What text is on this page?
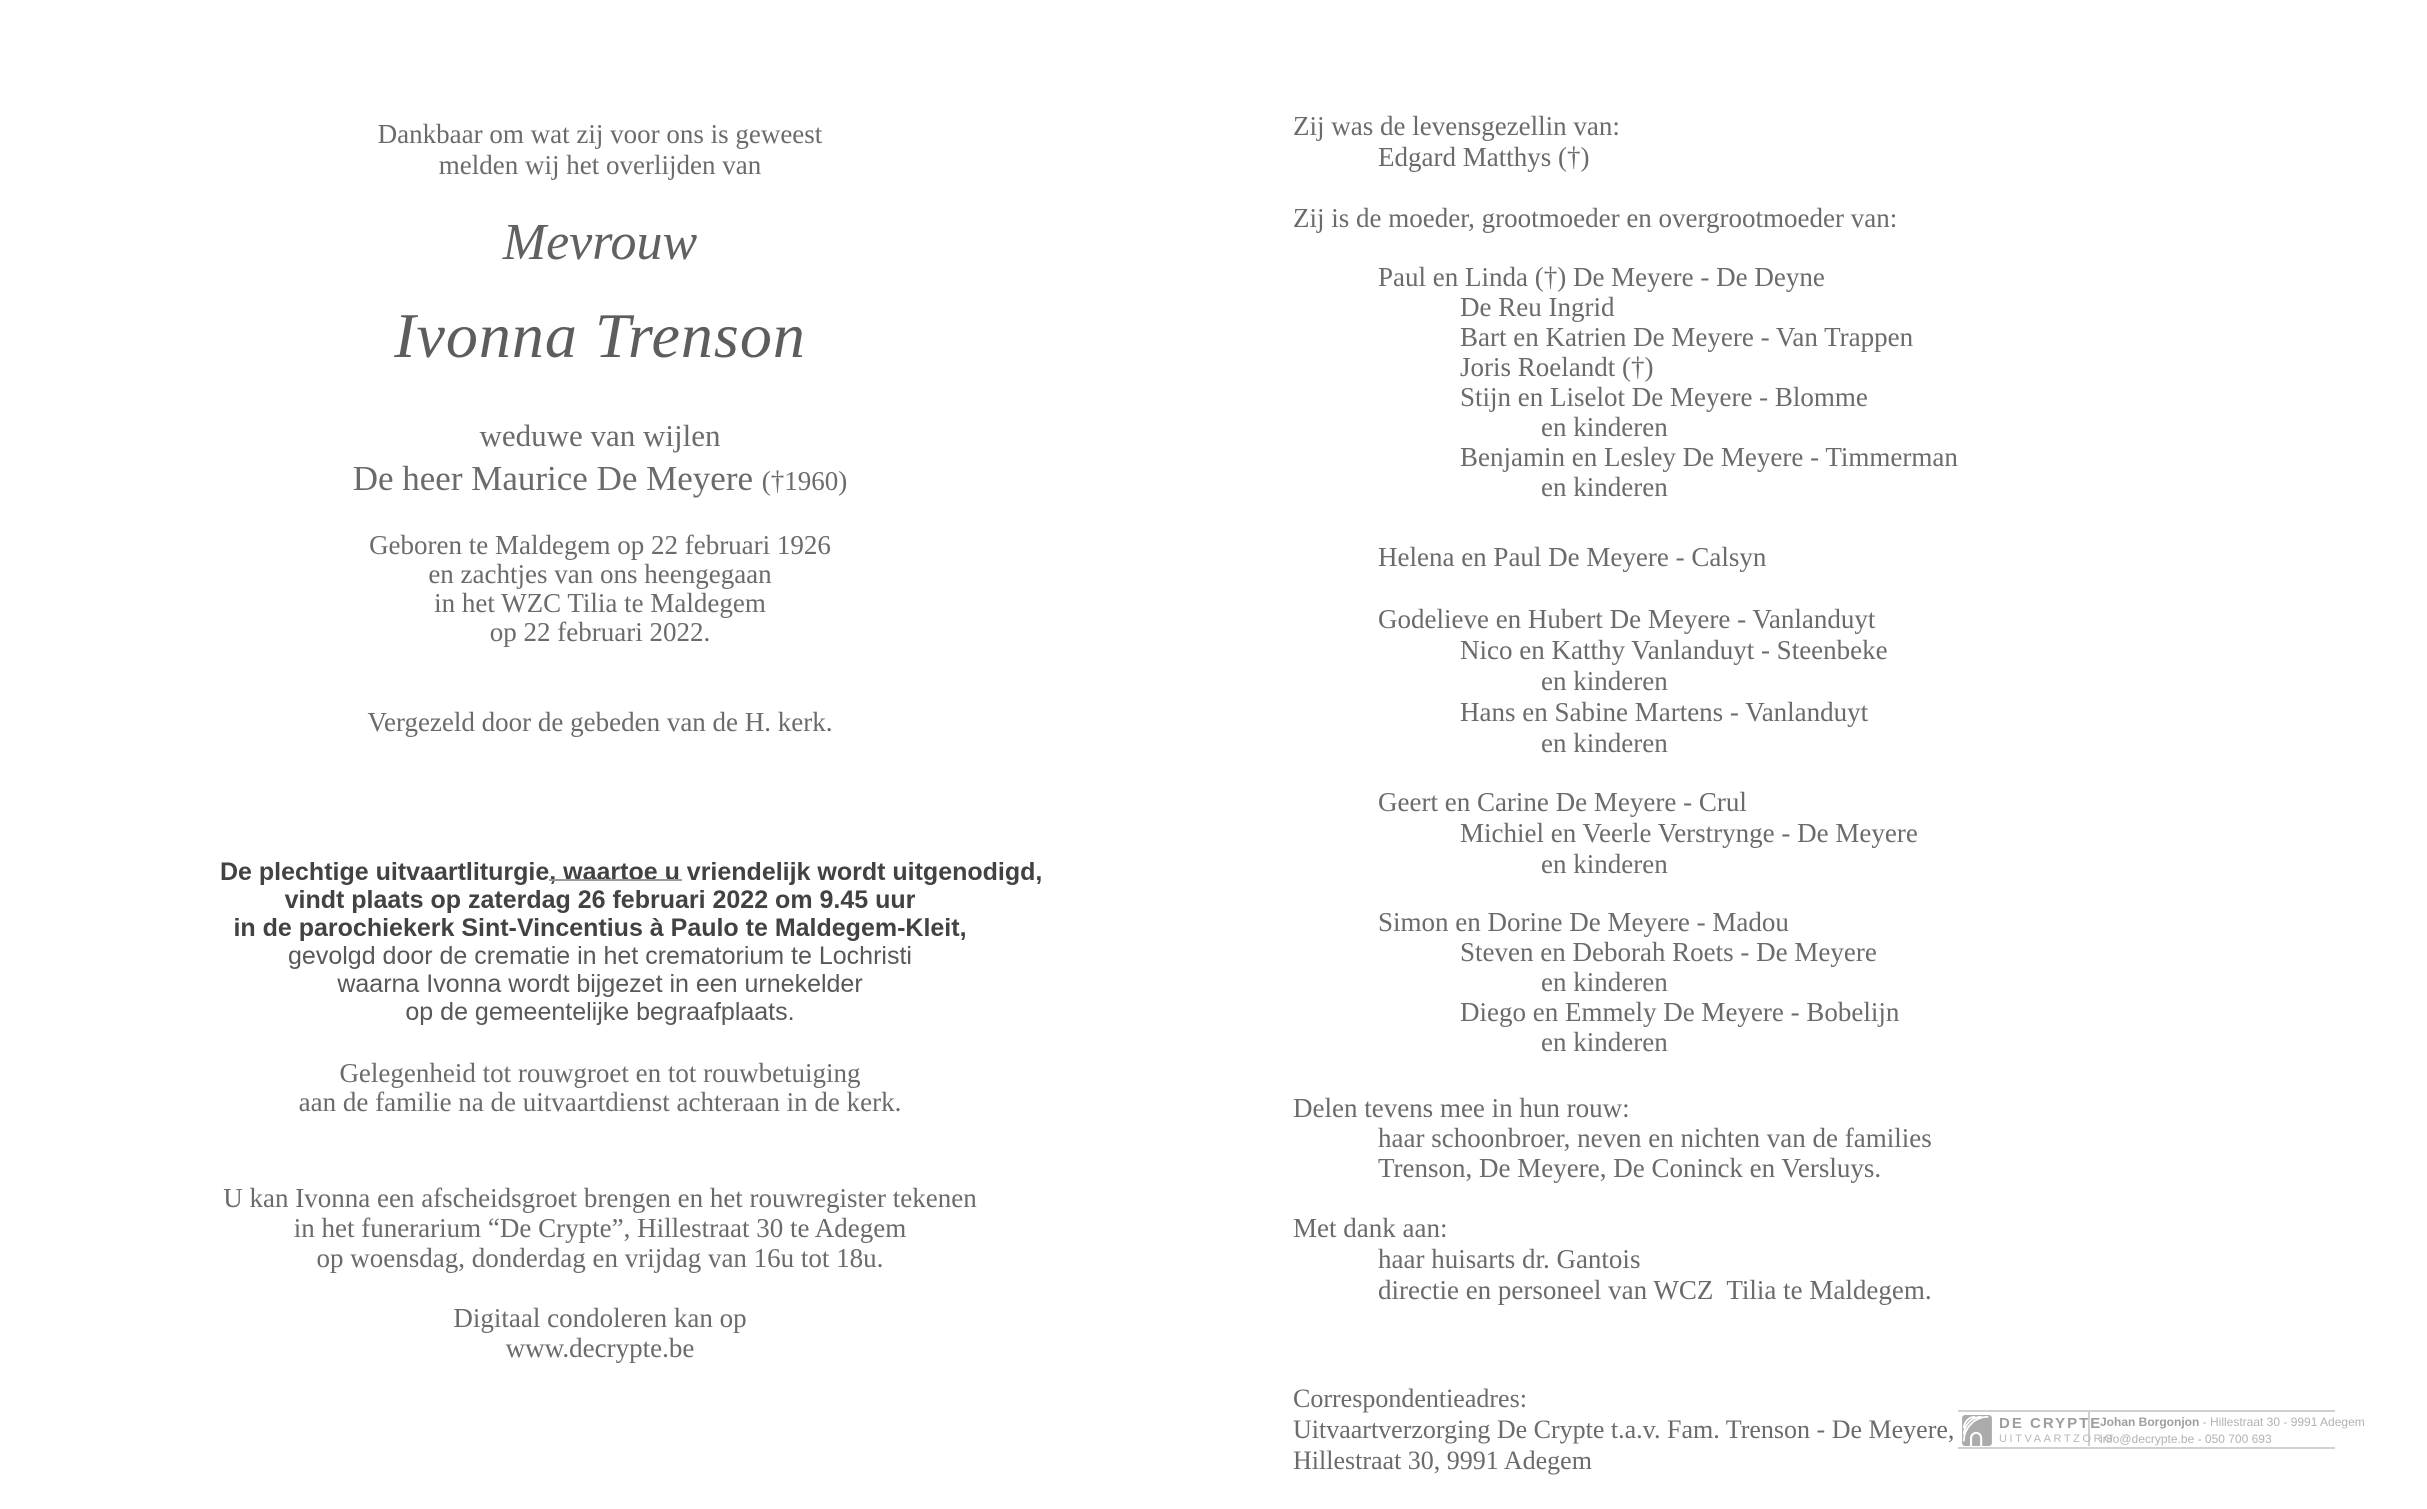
Dankbaar om wat zij voor ons is geweest
melden wij het overlijden van
Mevrouw
Ivonna Trenson
weduwe van wijlen
De heer Maurice De Meyere (†1960)
Geboren te Maldegem op 22 februari 1926
en zachtjes van ons heengegaan
in het WZC Tilia te Maldegem
op 22 februari 2022.
Vergezeld door de gebeden van de H. kerk.
De plechtige uitvaartliturgie, waartoe u vriendelijk wordt uitgenodigd,
vindt plaats op zaterdag 26 februari 2022 om 9.45 uur
in de parochiekerk Sint-Vincentius à Paulo te Maldegem-Kleit,
gevolgd door de crematie in het crematorium te Lochristi
waarna Ivonna wordt bijgezet in een urnekelder
op de gemeentelijke begraafplaats.
Gelegenheid tot rouwgroet en tot rouwbetuiging
aan de familie na de uitvaartdienst achteraan in de kerk.
U kan Ivonna een afscheidsgroet brengen en het rouwregister tekenen
in het funerarium “De Crypte”, Hillestraat 30 te Adegem
op woensdag, donderdag en vrijdag van 16u tot 18u.
Digitaal condoleren kan op
www.decrypte.be
Zij was de levensgezellin van:
Edgard Matthys (†)
Zij is de moeder, grootmoeder en overgrootmoeder van:
Paul en Linda (†) De Meyere - De Deyne
De Reu Ingrid
Bart en Katrien De Meyere - Van Trappen
Joris Roelandt (†)
Stijn en Liselot De Meyere - Blomme
en kinderen
Benjamin en Lesley De Meyere - Timmerman
en kinderen
Helena en Paul De Meyere - Calsyn
Godelieve en Hubert De Meyere - Vanlanduyt
Nico en Katthy Vanlanduyt - Steenbeke
en kinderen
Hans en Sabine Martens - Vanlanduyt
en kinderen
Geert en Carine De Meyere - Crul
Michiel en Veerle Verstrynge - De Meyere
en kinderen
Simon en Dorine De Meyere - Madou
Steven en Deborah Roets - De Meyere
en kinderen
Diego en Emmely De Meyere - Bobelijn
en kinderen
Delen tevens mee in hun rouw:
haar schoonbroer, neven en nichten van de families
Trenson, De Meyere, De Coninck en Versluys.
Met dank aan:
haar huisarts dr. Gantois
directie en personeel van WCZ  Tilia te Maldegem.
Correspondentieadres:
Uitvaartverzorging De Crypte t.a.v. Fam. Trenson - De Meyere,
Hillestraat 30, 9991 Adegem
DE CRYPTE
UITVAARTZORG
Johan Borgonjon - Hillestraat 30 - 9991 Adegem
info@decrypte.be - 050 700 693
